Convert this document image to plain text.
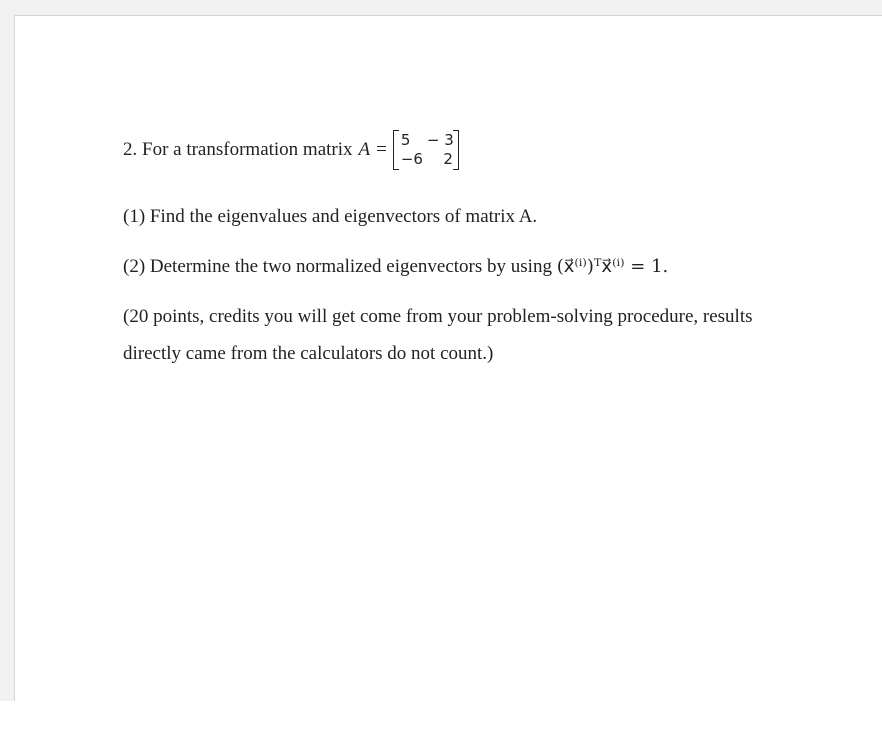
2. For a transformation matrix A = 5	− 3
−6	2
(1) Find the eigenvalues and eigenvectors of matrix A.
(2) Determine the two normalized eigenvectors by using (x⃗⁽ⁱ⁾)ᵀx⃗⁽ⁱ⁾ = 1.
(20 points, credits you will get come from your problem-solving procedure, results
directly came from the calculators do not count.)
